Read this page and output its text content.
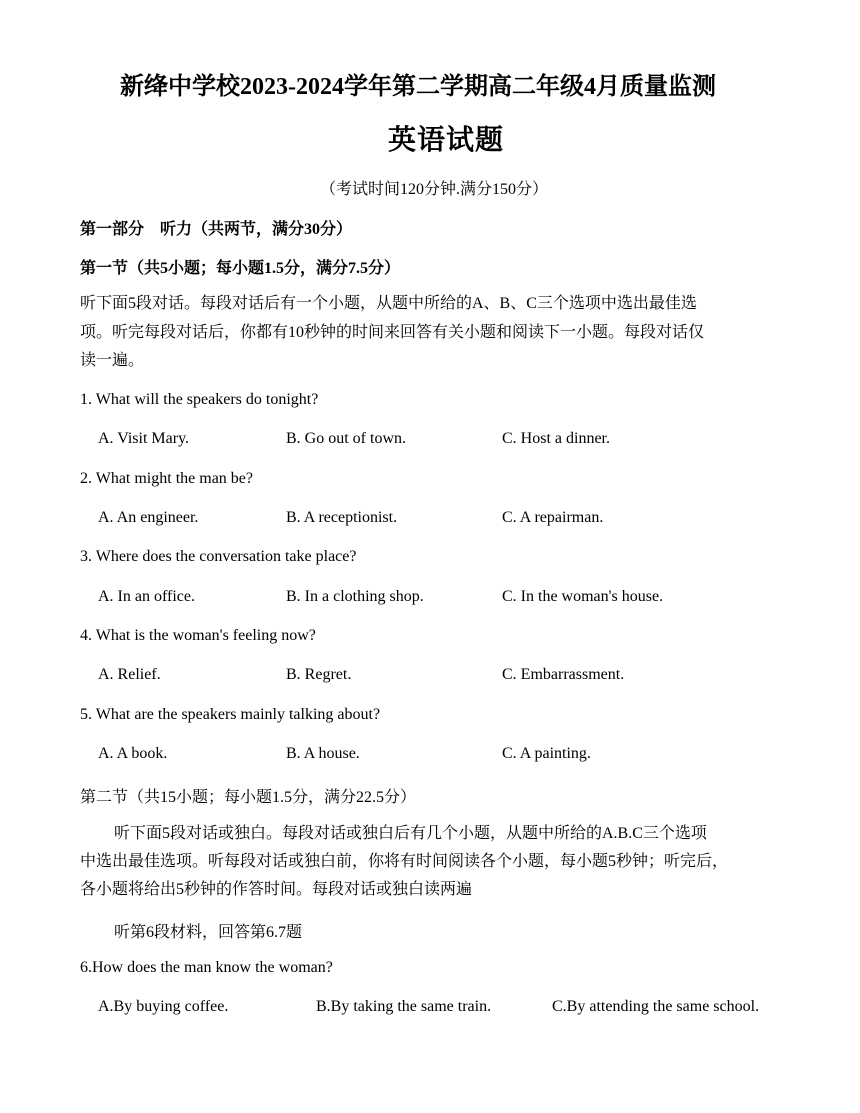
新绛中学校2023-2024学年第二学期高二年级4月质量监测
英语试题
（考试时间120分钟.满分150分）
第一部分　听力（共两节，满分30分）
第一节（共5小题；每小题1.5分，满分7.5分）
听下面5段对话。每段对话后有一个小题，从题中所给的A、B、C三个选项中选出最佳选
项。听完每段对话后，你都有10秒钟的时间来回答有关小题和阅读下一小题。每段对话仅
读一遍。
1. What will the speakers do tonight?
A. Visit Mary.	B. Go out of town.	C. Host a dinner.
2. What might the man be?
A. An engineer.	B. A receptionist.	C. A repairman.
3. Where does the conversation take place?
A. In an office.	B. In a clothing shop.	C. In the woman's house.
4. What is the woman's feeling now?
A. Relief.	B. Regret.	C. Embarrassment.
5. What are the speakers mainly talking about?
A. A book.	B. A house.	C. A painting.
第二节（共15小题；每小题1.5分，满分22.5分）
听下面5段对话或独白。每段对话或独白后有几个小题，从题中所给的A.B.C三个选项
中选出最佳选项。听每段对话或独白前，你将有时间阅读各个小题，每小题5秒钟；听完后，
各小题将给出5秒钟的作答时间。每段对话或独白读两遍
听第6段材料，回答第6.7题
6.How does the man know the woman?
A.By buying coffee.	B.By taking the same train.	C.By attending the same school.
